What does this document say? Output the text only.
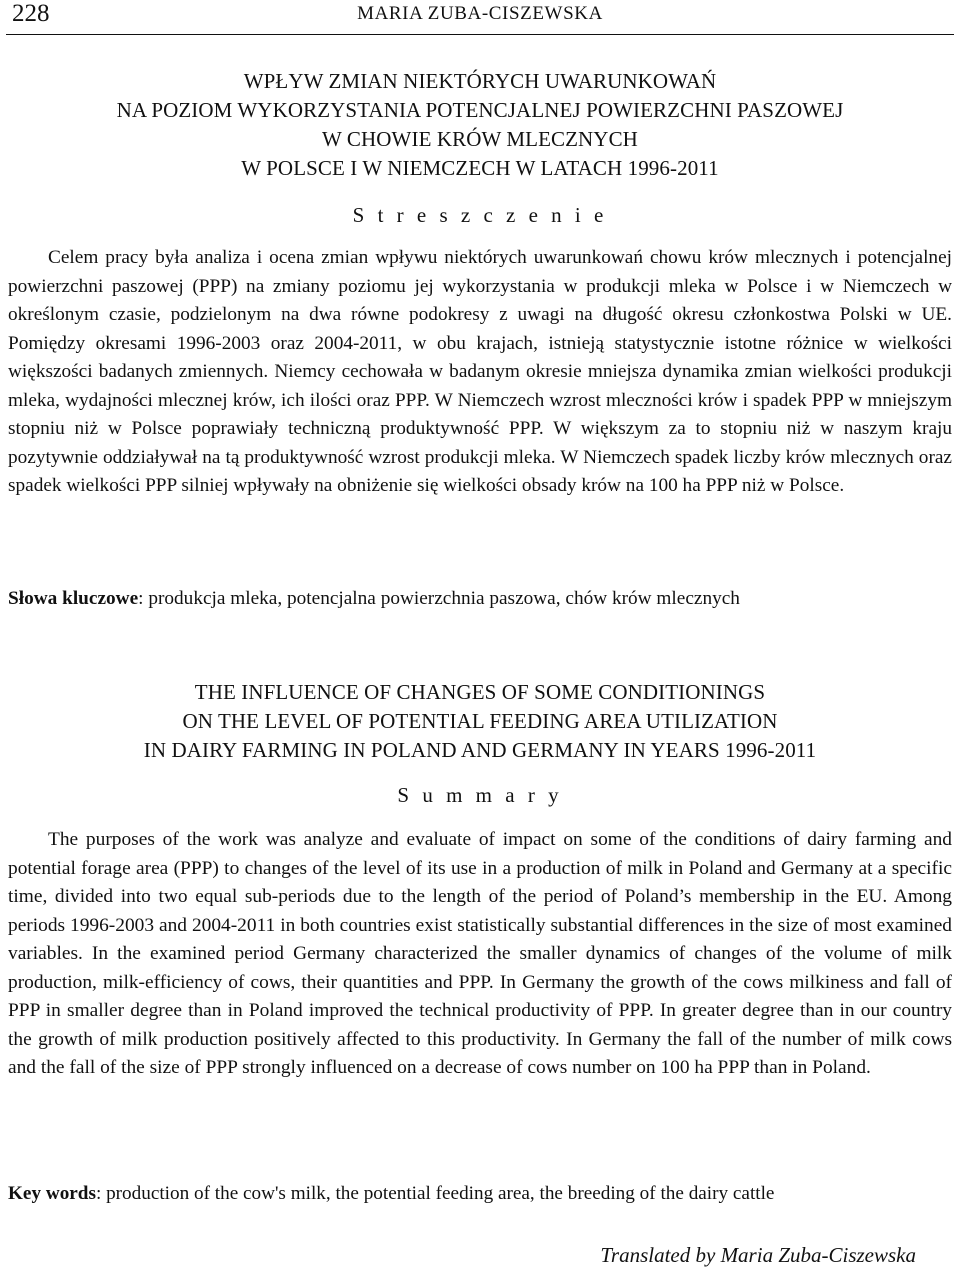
228	MARIA ZUBA-CISZEWSKA
WPŁYW ZMIAN NIEKTÓRYCH UWARUNKOWAŃ
NA POZIOM WYKORZYSTANIA POTENCJALNEJ POWIERZCHNI PASZOWEJ
W CHOWIE KRÓW MLECZNYCH
W POLSCE I W NIEMCZECH W LATACH 1996-2011
S t r e s z c z e n i e
Celem pracy była analiza i ocena zmian wpływu niektórych uwarunkowań chowu krów mlecznych i potencjalnej powierzchni paszowej (PPP) na zmiany poziomu jej wykorzystania w produkcji mleka w Polsce i w Niemczech w określonym czasie, podzielonym na dwa równe podokresy z uwagi na długość okresu członkostwa Polski w UE. Pomiędzy okresami 1996-2003 oraz 2004-2011, w obu krajach, istnieją statystycznie istotne różnice w wielkości większości badanych zmiennych. Niemcy cechowała w badanym okresie mniejsza dynamika zmian wielkości produkcji mleka, wydajności mlecznej krów, ich ilości oraz PPP. W Niemczech wzrost mleczności krów i spadek PPP w mniejszym stopniu niż w Polsce poprawiały techniczną produktywność PPP. W większym za to stopniu niż w naszym kraju pozytywnie oddziaływał na tą produktywność wzrost produkcji mleka. W Niemczech spadek liczby krów mlecznych oraz spadek wielkości PPP silniej wpływały na obniżenie się wielkości obsady krów na 100 ha PPP niż w Polsce.
Słowa kluczowe: produkcja mleka, potencjalna powierzchnia paszowa, chów krów mlecznych
THE INFLUENCE OF CHANGES OF SOME CONDITIONINGS
ON THE LEVEL OF POTENTIAL FEEDING AREA UTILIZATION
IN DAIRY FARMING IN POLAND AND GERMANY IN YEARS 1996-2011
S u m m a r y
The purposes of the work was analyze and evaluate of impact on some of the conditions of dairy farming and potential forage area (PPP) to changes of the level of its use in a production of milk in Poland and Germany at a specific time, divided into two equal sub-periods due to the length of the period of Poland’s membership in the EU. Among periods 1996-2003 and 2004-2011 in both countries exist statistically substantial differences in the size of most examined variables. In the examined period Germany characterized the smaller dynamics of changes of the volume of milk production, milk-efficiency of cows, their quantities and PPP. In Germany the growth of the cows milkiness and fall of PPP in smaller degree than in Poland improved the technical productivity of PPP. In greater degree than in our country the growth of milk production positively affected to this productivity. In Germany the fall of the number of milk cows and the fall of the size of PPP strongly influenced on a decrease of cows number on 100 ha PPP than in Poland.
Key words: production of the cow's milk, the potential feeding area, the breeding of the dairy cattle
Translated by Maria Zuba-Ciszewska
